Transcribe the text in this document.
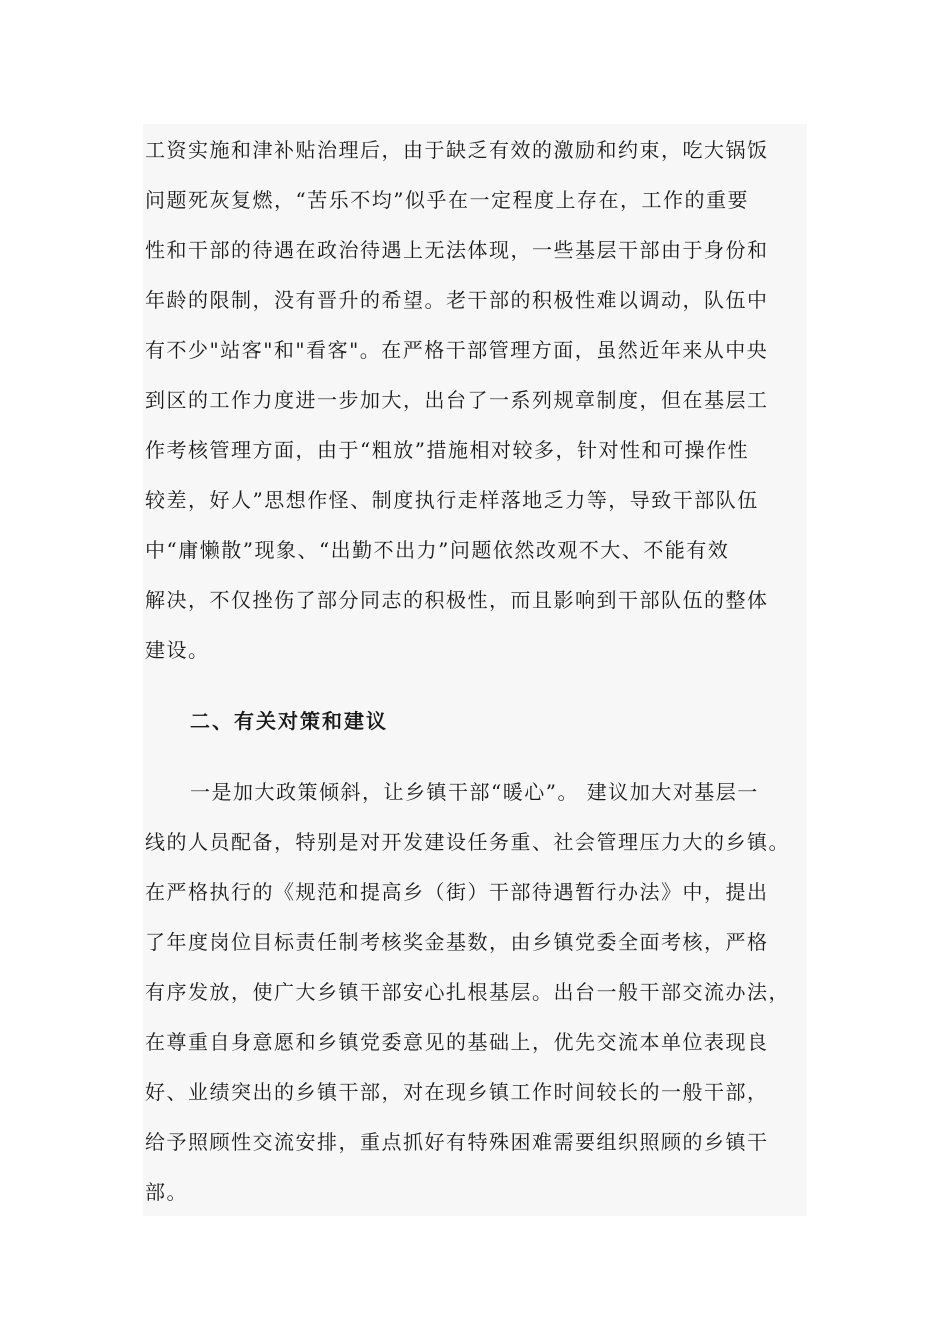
工资实施和津补贴治理后，由于缺乏有效的激励和约束，吃大锅饭
问题死灰复燃，“苦乐不均”似乎在一定程度上存在，工作的重要
性和干部的待遇在政治待遇上无法体现，一些基层干部由于身份和
年龄的限制，没有晋升的希望。老干部的积极性难以调动，队伍中
有不少"站客"和"看客"。在严格干部管理方面，虽然近年来从中央
到区的工作力度进一步加大，出台了一系列规章制度，但在基层工
作考核管理方面，由于“粗放”措施相对较多，针对性和可操作性
较差，好人”思想作怪、制度执行走样落地乏力等，导致干部队伍
中“庸懒散”现象、“出勤不出力”问题依然改观不大、不能有效
解决，不仅挫伤了部分同志的积极性，而且影响到干部队伍的整体
建设。
二、有关对策和建议
一是加大政策倾斜，让乡镇干部“暖心”。 建议加大对基层一
线的人员配备，特别是对开发建设任务重、社会管理压力大的乡镇。
在严格执行的《规范和提高乡（街）干部待遇暂行办法》中，提出
了年度岗位目标责任制考核奖金基数，由乡镇党委全面考核，严格
有序发放，使广大乡镇干部安心扎根基层。出台一般干部交流办法，
在尊重自身意愿和乡镇党委意见的基础上，优先交流本单位表现良
好、业绩突出的乡镇干部，对在现乡镇工作时间较长的一般干部，
给予照顾性交流安排，重点抓好有特殊困难需要组织照顾的乡镇干
部。
